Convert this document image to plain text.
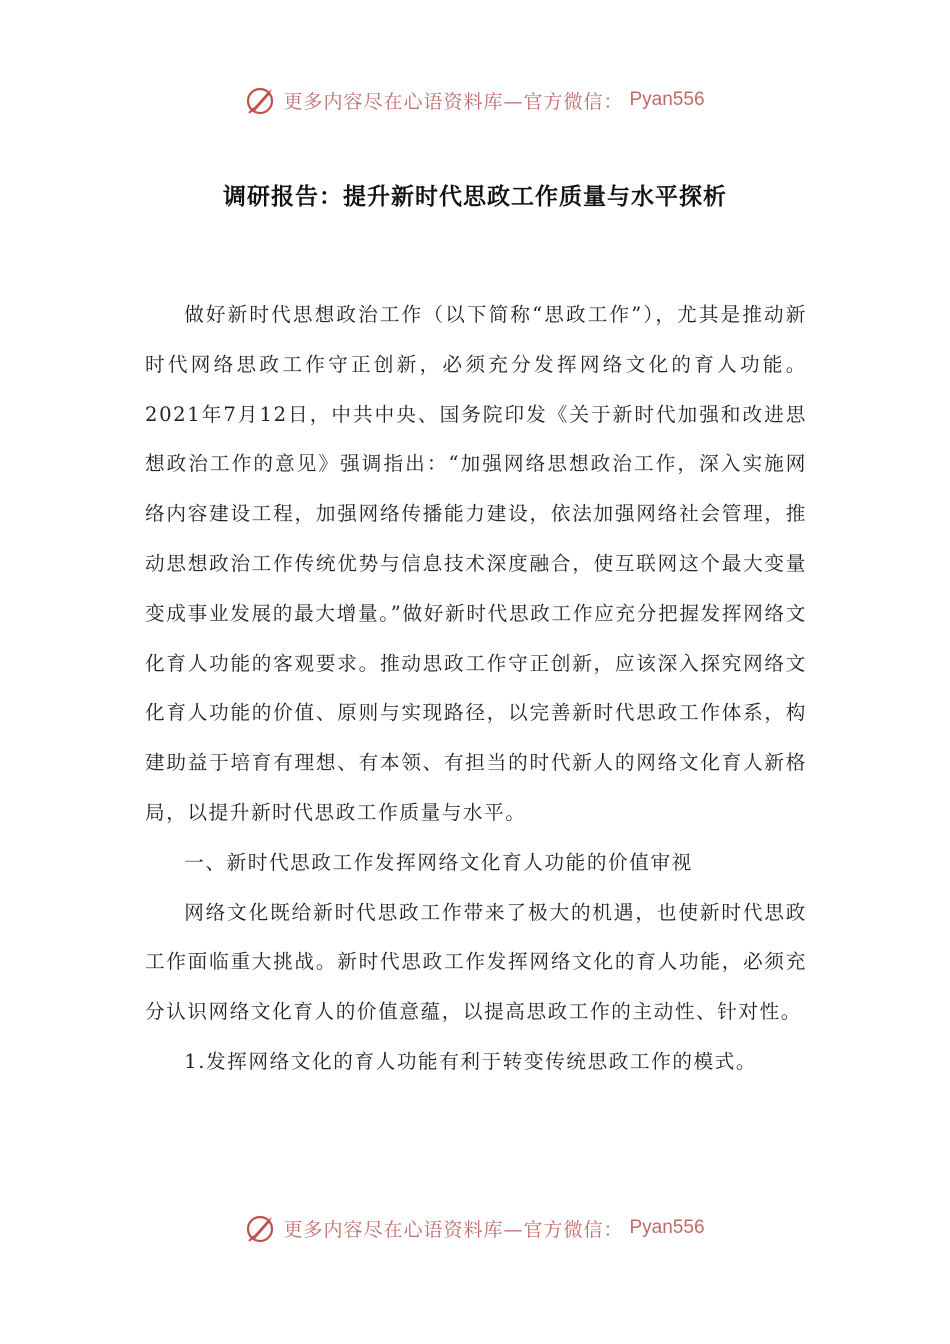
更多内容尽在心语资料库—官方微信： Pyan556
调研报告：提升新时代思政工作质量与水平探析

做好新时代思想政治工作（以下简称“思政工作”），尤其是推动新时代网络思政工作守正创新，必须充分发挥网络文化的育人功能。2021年7月12日，中共中央、国务院印发《关于新时代加强和改进思想政治工作的意见》强调指出：“加强网络思想政治工作，深入实施网络内容建设工程，加强网络传播能力建设，依法加强网络社会管理，推动思想政治工作传统优势与信息技术深度融合，使互联网这个最大变量变成事业发展的最大增量。”做好新时代思政工作应充分把握发挥网络文化育人功能的客观要求。推动思政工作守正创新，应该深入探究网络文化育人功能的价值、原则与实现路径，以完善新时代思政工作体系，构建助益于培育有理想、有本领、有担当的时代新人的网络文化育人新格局，以提升新时代思政工作质量与水平。

一、新时代思政工作发挥网络文化育人功能的价值审视

网络文化既给新时代思政工作带来了极大的机遇，也使新时代思政工作面临重大挑战。新时代思政工作发挥网络文化的育人功能，必须充分认识网络文化育人的价值意蕴，以提高思政工作的主动性、针对性。

1.发挥网络文化的育人功能有利于转变传统思政工作的模式。

更多内容尽在心语资料库—官方微信： Pyan556
